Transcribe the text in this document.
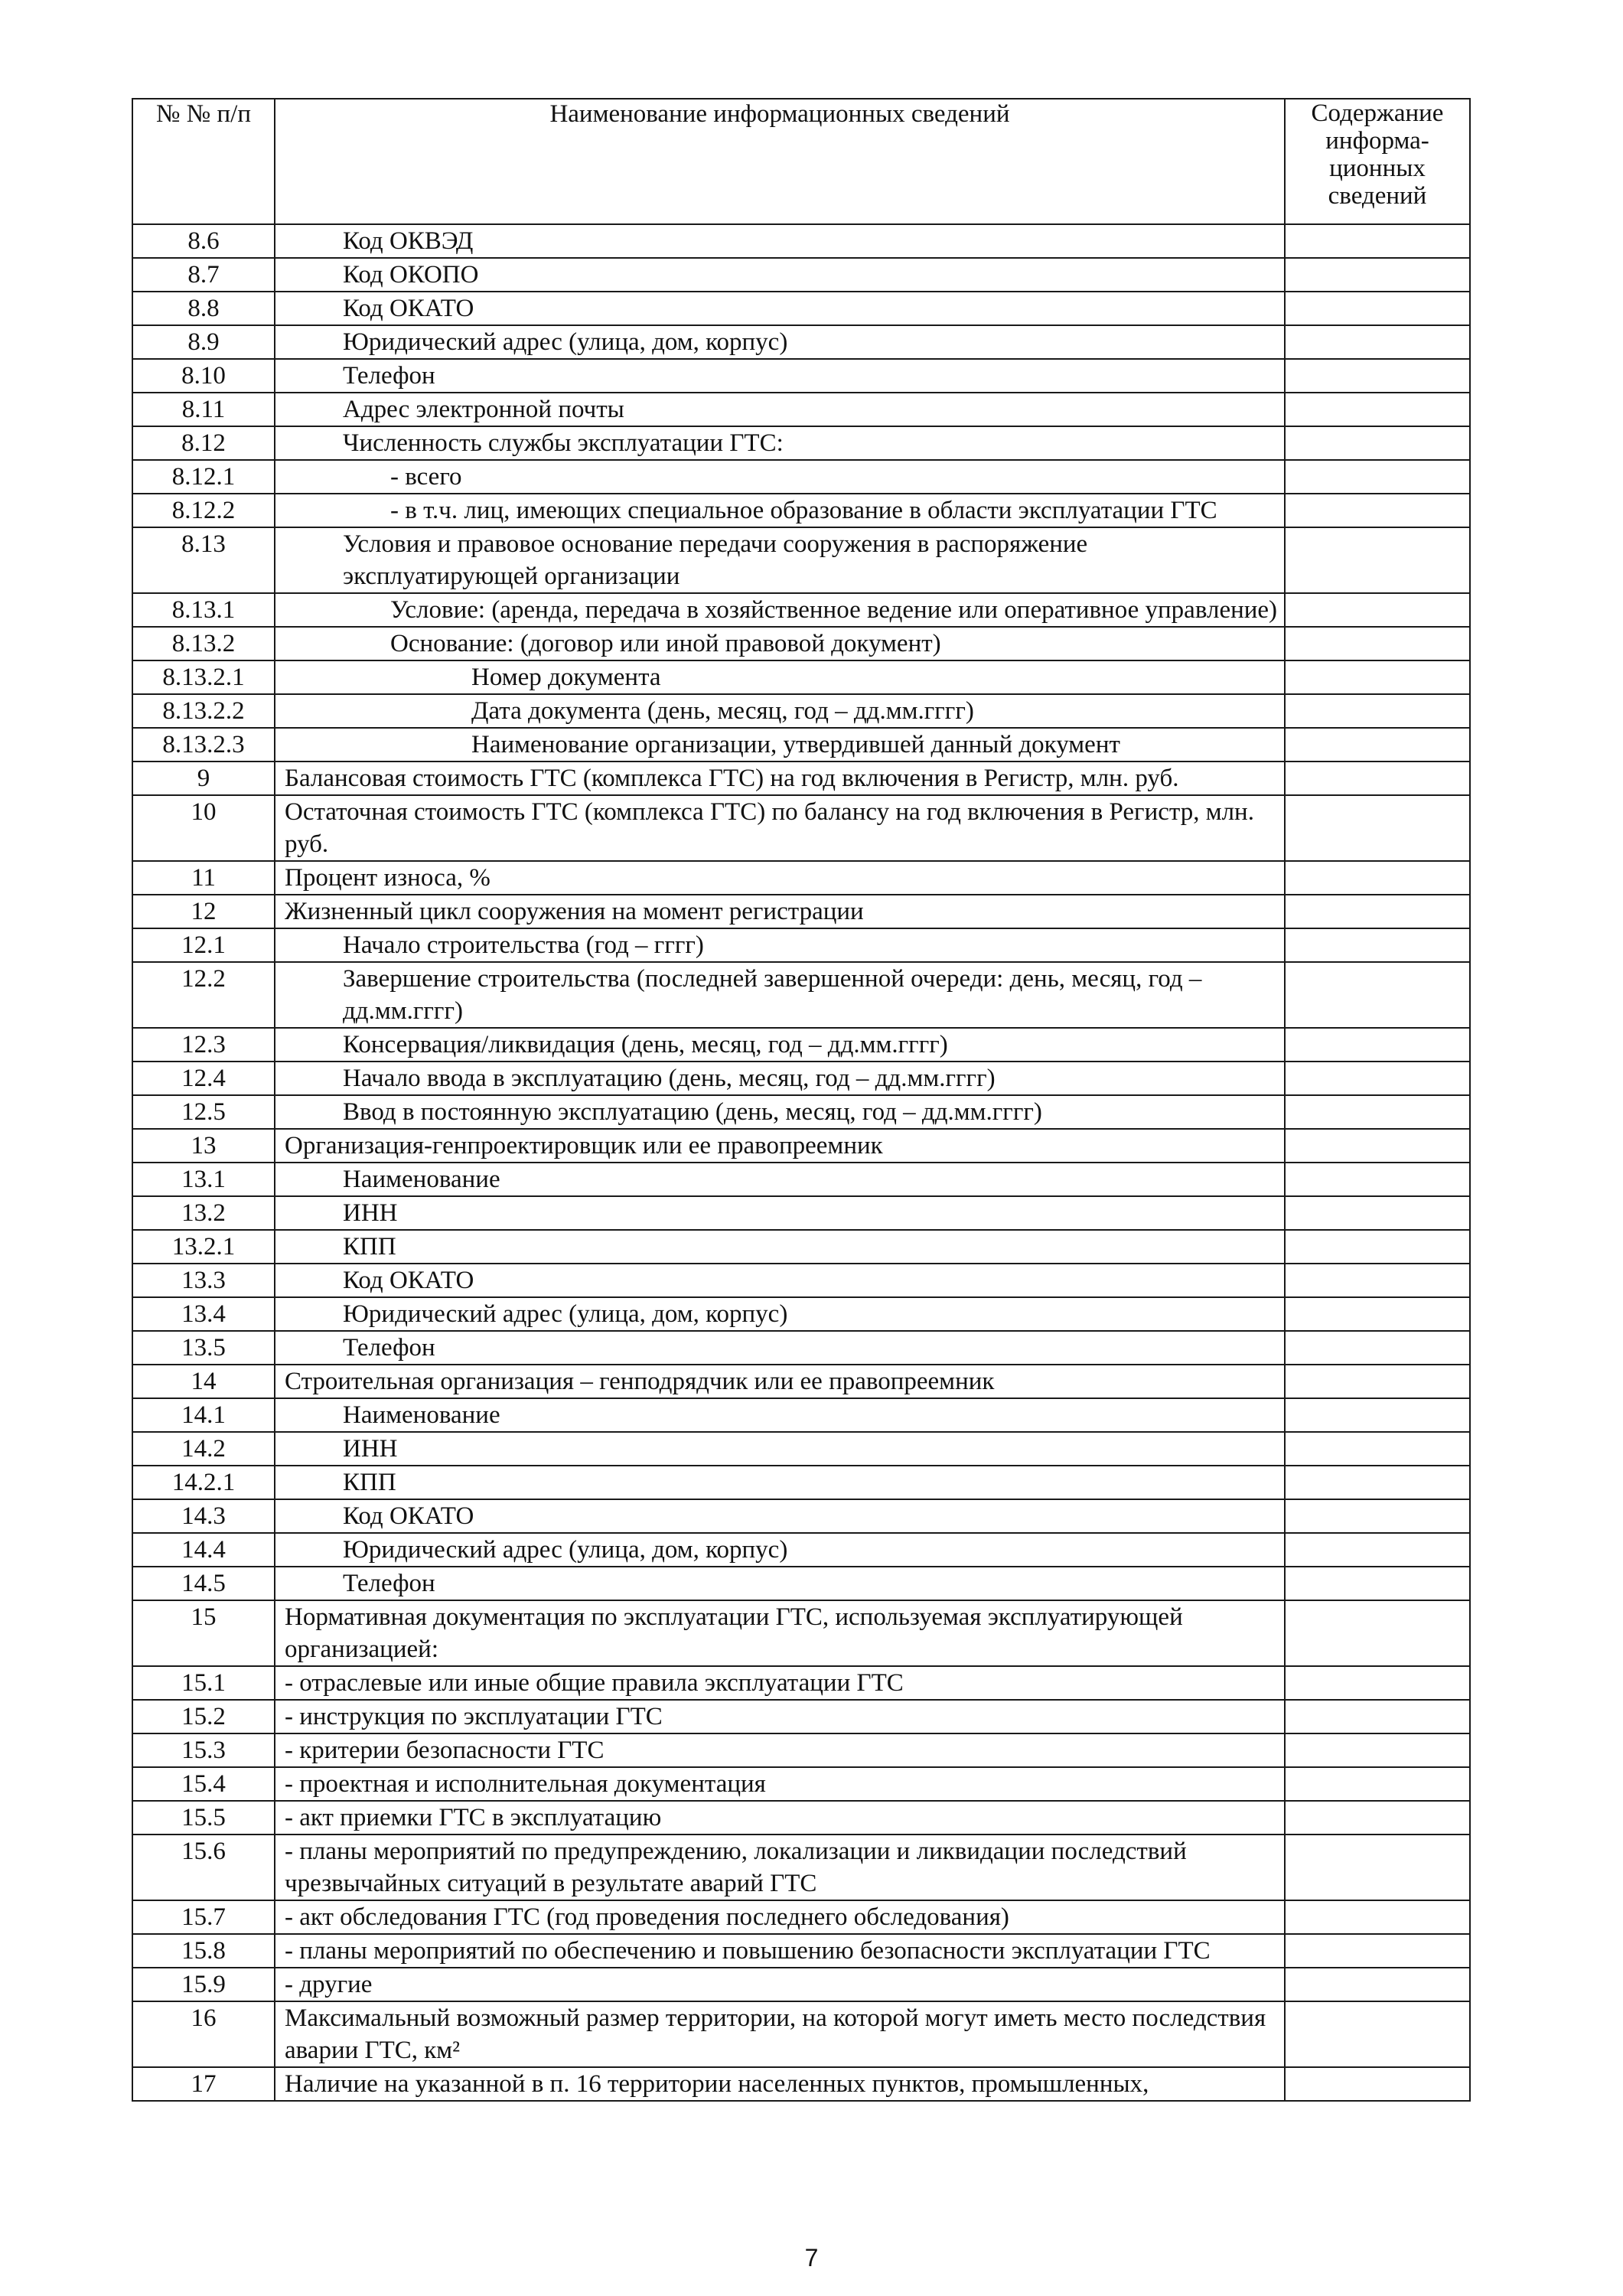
№ № п/п	Наименование информационных сведений	Содержание информа- ционных сведений
8.6	Код ОКВЭД	
8.7	Код ОКОПО	
8.8	Код ОКАТО	
8.9	Юридический адрес (улица, дом, корпус)	
8.10	Телефон	
8.11	Адрес электронной почты	
8.12	Численность службы эксплуатации ГТС:	
8.12.1	- всего	
8.12.2	- в т.ч. лиц, имеющих специальное образование в области эксплуатации ГТС	
8.13	Условия и правовое основание передачи сооружения в распоряжение эксплуатирующей организации	
8.13.1	Условие: (аренда, передача в хозяйственное ведение или оперативное управление)	
8.13.2	Основание: (договор или иной правовой документ)	
8.13.2.1	Номер документа	
8.13.2.2	Дата документа (день, месяц, год – дд.мм.гггг)	
8.13.2.3	Наименование организации, утвердившей данный документ	
9	Балансовая стоимость ГТС (комплекса ГТС) на год включения в Регистр, млн. руб.	
10	Остаточная стоимость ГТС (комплекса ГТС) по балансу на год включения в Регистр, млн. руб.	
11	Процент износа, %	
12	Жизненный цикл сооружения на момент регистрации	
12.1	Начало строительства (год – гггг)	
12.2	Завершение строительства (последней завершенной очереди: день, месяц, год – дд.мм.гггг)	
12.3	Консервация/ликвидация (день, месяц, год – дд.мм.гггг)	
12.4	Начало ввода в эксплуатацию (день, месяц, год – дд.мм.гггг)	
12.5	Ввод в постоянную эксплуатацию (день, месяц, год – дд.мм.гггг)	
13	Организация-генпроектировщик или ее правопреемник	
13.1	Наименование	
13.2	ИНН	
13.2.1	КПП	
13.3	Код ОКАТО	
13.4	Юридический адрес (улица, дом, корпус)	
13.5	Телефон	
14	Строительная организация – генподрядчик или ее правопреемник	
14.1	Наименование	
14.2	ИНН	
14.2.1	КПП	
14.3	Код ОКАТО	
14.4	Юридический адрес (улица, дом, корпус)	
14.5	Телефон	
15	Нормативная документация по эксплуатации ГТС, используемая эксплуатирующей организацией:	
15.1	- отраслевые или иные общие правила эксплуатации ГТС	
15.2	- инструкция по эксплуатации ГТС	
15.3	- критерии безопасности ГТС	
15.4	- проектная и исполнительная документация	
15.5	- акт приемки ГТС в эксплуатацию	
15.6	- планы мероприятий по предупреждению, локализации и ликвидации последствий чрезвычайных ситуаций в результате аварий ГТС	
15.7	- акт обследования ГТС (год проведения последнего обследования)	
15.8	- планы мероприятий по обеспечению и повышению безопасности эксплуатации ГТС	
15.9	- другие	
16	Максимальный возможный размер территории, на которой могут иметь место последствия аварии ГТС, км²	
17	Наличие на указанной в п. 16 территории населенных пунктов, промышленных,	
7
